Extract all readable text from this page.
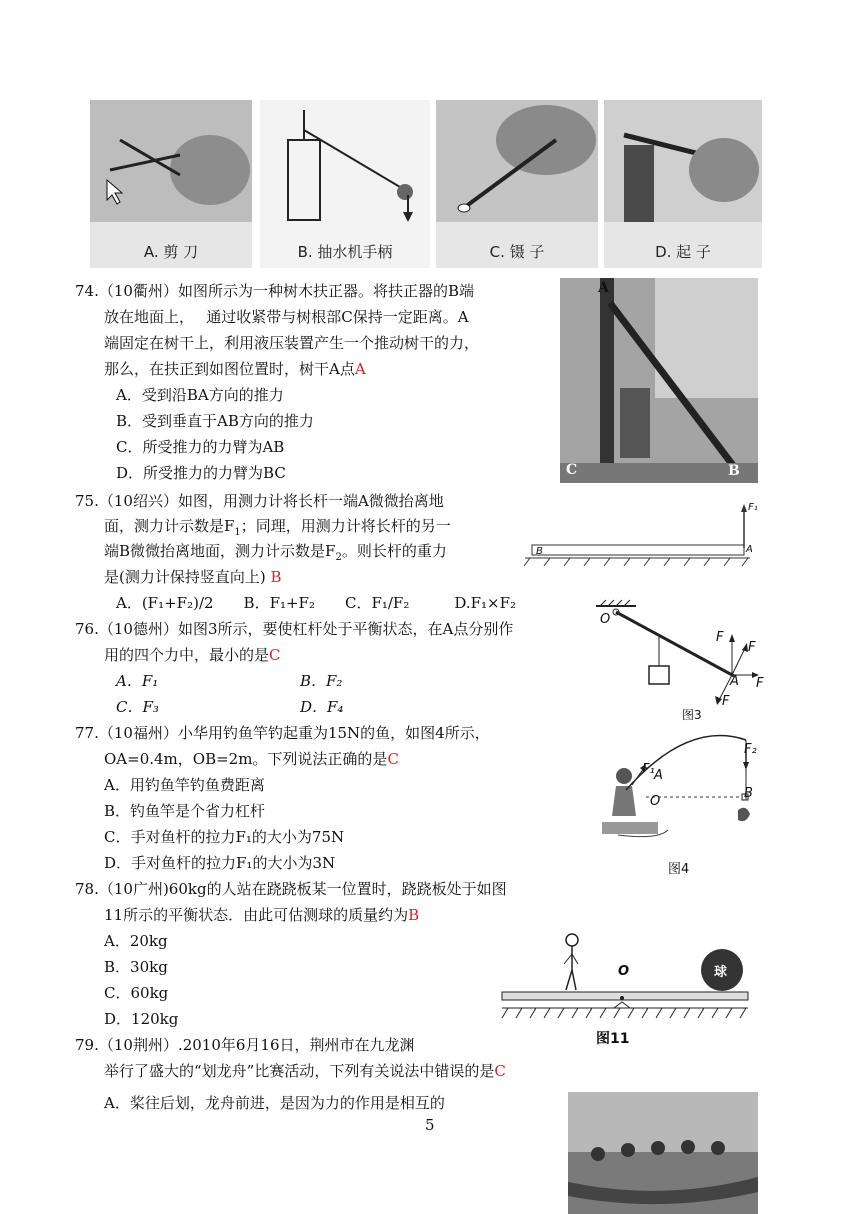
A. 剪 刀	B. 抽水机手柄	C. 镊 子	D. 起 子
74.（10衢州）如图所示为一种树木扶正器。将扶正器的B端
放在地面上，　 通过收紧带与树根部C保持一定距离。A
端固定在树干上，利用液压装置产生一个推动树干的力，
那么，在扶正到如图位置时，树干A点A
A．受到沿BA方向的推力
B．受到垂直于AB方向的推力
C．所受推力的力臂为AB
D．所受推力的力臂为BC
A
B
C
75.（10绍兴）如图，用测力计将长杆一端A微微抬离地
面，测力计示数是$F_1$；同理，用测力计将长杆的另一
端B微微抬离地面，测力计示数是$F_2$。则长杆的重力
是(测力计保持竖直向上) B
A．(F₁+F₂)/2　　B．F₁+F₂　　C．F₁/F₂　　　D.F₁×F₂
F₁
A
B
76.（10德州）如图3所示，要使杠杆处于平衡状态，在A点分别作
用的四个力中，最小的是C
A．F₁	B．F₂
C．F₃	D．F₄
O
F
F
F
F
A
图3
77.（10福州）小华用钓鱼竿钓起重为15N的鱼，如图4所示，
OA=0.4m，OB=2m。下列说法正确的是C
A．用钓鱼竿钓鱼费距离
B．钓鱼竿是个省力杠杆
C．手对鱼杆的拉力F₁的大小为75N
D．手对鱼杆的拉力F₁的大小为3N
F₁ A
O
B
F₂
图4
78.（10广州)60kg的人站在跷跷板某一位置时，跷跷板处于如图
11所示的平衡状态．由此可估测球的质量约为B
A．20kg
B．30kg
C．60kg
D．120kg
O	球
图11
79.（10荆州）.2010年6月16日，荆州市在九龙渊
举行了盛大的“划龙舟”比赛活动，下列有关说法中错误的是C
A．桨往后划，龙舟前进，是因为力的作用是相互的
5
